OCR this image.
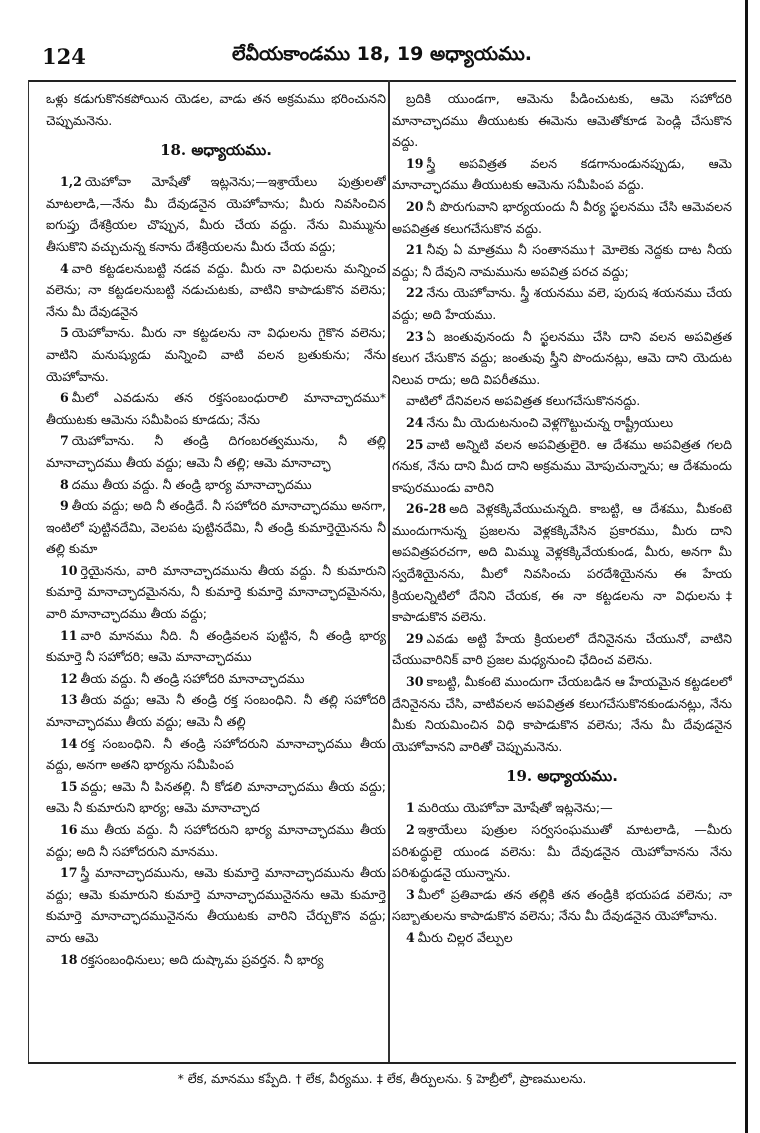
124	లేవీయకాండము 18, 19 అధ్యాయము.

ఒళ్లు కడుగుకొనకపోయిన యెడల, వాడు తన అక్రమము భరించునని చెప్పుమనెను.

18. అధ్యాయము.

1,2 యెహోవా మోషేతో ఇట్లనెను;—ఇశ్రాయేలు పుత్రులతో మాటలాడి,—నేను మీ దేవుడనైన యెహోవాను; మీరు నివసించిన ఐగుప్తు దేశక్రియల చొప్పున, మీరు చేయ వద్దు. నేను మిమ్మును తీసుకొని వచ్చుచున్న కనాను దేశక్రియలను మీరు చేయ వద్దు;

4 వారి కట్టడలనుబట్టి నడవ వద్దు. మీరు నా విధులను మన్నించ వలెను; నా కట్టడలనుబట్టి నడుచుటకు, వాటిని కాపాడుకొన వలెను; నేను మీ దేవుడనైన

5 యెహోవాను. మీరు నా కట్టడలను నా విధులను గైకొన వలెను; వాటిని మనుష్యుడు మన్నించి వాటి వలన బ్రతుకును; నేను యెహోవాను.

6 మీలో ఎవడును తన రక్తసంబంధురాలి మానాచ్ఛాదము* తీయుటకు ఆమెను సమీపింప కూడదు; నేను

7 యెహోవాను. నీ తండ్రి దిగంబరత్వమును, నీ తల్లి మానాచ్ఛాదము తీయ వద్దు; ఆమె నీ తల్లి; ఆమె మానాచ్ఛా

8 దము తీయ వద్దు. నీ తండ్రి భార్య మానాచ్ఛాదము

9 తీయ వద్దు; అది నీ తండ్రిదే. నీ సహోదరి మానాచ్ఛాదము అనగా, ఇంటిలో పుట్టినదేమి, వెలపట పుట్టినదేమి, నీ తండ్రి కుమార్తెయైనను నీ తల్లి కుమా

10 ర్తెయైనను, వారి మానాచ్ఛాదమును తీయ వద్దు. నీ కుమారుని కుమార్తె మానాచ్ఛాదమైనను, నీ కుమార్తె కుమార్తె మానాచ్ఛాదమైనను, వారి మానాచ్ఛాదము తీయ వద్దు;

11 వారి మానము నీది. నీ తండ్రివలన పుట్టిన, నీ తండ్రి భార్య కుమార్తె నీ సహోదరి; ఆమె మానాచ్ఛాదము

12 తీయ వద్దు. నీ తండ్రి సహోదరి మానాచ్ఛాదము

13 తీయ వద్దు; ఆమె నీ తండ్రి రక్త సంబంధిని. నీ తల్లి సహోదరి మానాచ్ఛాదము తీయ వద్దు; ఆమె నీ తల్లి

14 రక్త సంబంధిని. నీ తండ్రి సహోదరుని మానాచ్ఛాదము తీయ వద్దు, అనగా అతని భార్యను సమీపింప

15 వద్దు; ఆమె నీ పినతల్లి. నీ కోడలి మానాచ్ఛాదము తీయ వద్దు; ఆమె నీ కుమారుని భార్య; ఆమె మానాచ్ఛాద

16 ము తీయ వద్దు. నీ సహోదరుని భార్య మానాచ్ఛాదము తీయ వద్దు; అది నీ సహోదరుని మానము.

17 స్త్రీ మానాచ్ఛాదమును, ఆమె కుమార్తె మానాచ్ఛాదమును తీయ వద్దు; ఆమె కుమారుని కుమార్తె మానాచ్ఛాదమునైనను ఆమె కుమార్తె కుమార్తె మానాచ్ఛాదమునైనను తీయుటకు వారిని చేర్చుకొన వద్దు; వారు ఆమె

18 రక్తసంబంధినులు; అది దుష్కామ ప్రవర్తన. నీ భార్య

బ్రదికి యుండగా, ఆమెను పీడించుటకు, ఆమె సహోదరి మానాచ్ఛాదము తీయుటకు ఈమెను ఆమెతోకూడ పెండ్లి చేసుకొన వద్దు.

19 స్త్రీ అపవిత్రత వలన కడగానుండునప్పుడు, ఆమె మానాచ్ఛాదము తీయుటకు ఆమెను సమీపింప వద్దు.

20 నీ పొరుగువాని భార్యయందు నీ వీర్య స్ఖలనము చేసి ఆమెవలన అపవిత్రత కలుగచేసుకొన వద్దు.

21 నీవు ఏ మాత్రము నీ సంతానము† మోలెకు నెద్దకు దాట నీయ వద్దు; నీ దేవుని నామమును అపవిత్ర పరచ వద్దు;

22 నేను యెహోవాను. స్త్రీ శయనము వలె, పురుష శయనము చేయ వద్దు; అది హేయము.

23 ఏ జంతువునందు నీ స్ఖలనము చేసి దాని వలన అపవిత్రత కలుగ చేసుకొన వద్దు; జంతువు స్త్రీని పొందునట్లు, ఆమె దాని యెదుట నిలువ రాదు; అది విపరీతము.

వాటిలో దేనివలన అపవిత్రత కలుగచేసుకొననద్దు.

24 నేను మీ యెదుటనుంచి వెళ్లగొట్టుచున్న రాష్ట్రీయులు

25 వాటి అన్నిటి వలన అపవిత్రులైరి. ఆ దేశము అపవిత్రత గలది గనుక, నేను దాని మీద దాని అక్రమము మోపుచున్నాను; ఆ దేశమందు కాపురముండు వారిని

26-28 అది వెళ్లకక్కివేయుచున్నది. కాబట్టి, ఆ దేశము, మీకంటె ముందుగానున్న ప్రజలను వెళ్లకక్కివేసిన ప్రకారము, మీరు దాని అపవిత్రపరచగా, అది మిమ్ము వెళ్లకక్కివేయకుండ, మీరు, అనగా మీ స్వదేశియైనను, మీలో నివసించు పరదేశియైనను ఈ హేయ క్రియలన్నిటిలో దేనిని చేయక, ఈ నా కట్టడలను నా విధులను‡ కాపాడుకొన వలెను.

29 ఎవడు అట్టి హేయ క్రియలలో దేనినైనను చేయునో, వాటిని చేయువారినిక్ వారి ప్రజల మధ్యనుంచి ఛేదించ వలెను.

30 కాబట్టి, మీకంటె ముందుగా చేయబడిన ఆ హేయమైన కట్టడలలో దేనినైనను చేసి, వాటివలన అపవిత్రత కలుగచేసుకొనకుండునట్లు, నేను మీకు నియమించిన విధి కాపాడుకొన వలెను; నేను మీ దేవుడనైన యెహోవానని వారితో చెప్పుమనెను.

19. అధ్యాయము.

1 మరియు యెహోవా మోషేతో ఇట్లనెను;—

2 ఇశ్రాయేలు పుత్రుల సర్వసంఘముతో మాటలాడి, —మీరు పరిశుద్ధులై యుండ వలెను: మీ దేవుడనైన యెహోవానను నేను పరిశుద్ధుడనై యున్నాను.

3 మీలో ప్రతివాడు తన తల్లికి తన తండ్రికి భయపడ వలెను; నా సబ్బాతులను కాపాడుకొన వలెను; నేను మీ దేవుడనైన యెహోవాను.

4 మీరు చిల్లర వేల్పుల

* లేక, మానము కప్పేది. † లేక, వీర్యము. ‡ లేక, తీర్పులను. § హెబ్రీలో, ప్రాణములను.
